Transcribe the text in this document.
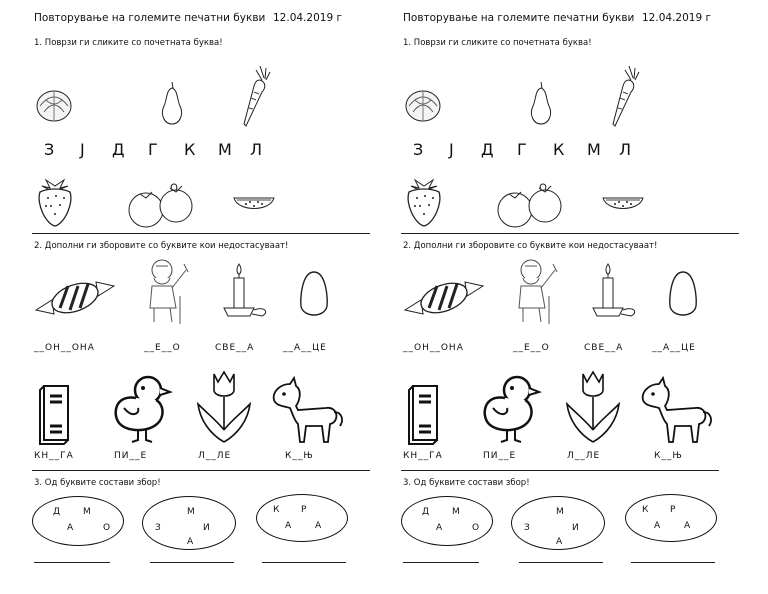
Повторување на големите печатни букви 12.04.2019 г
1. Поврзи ги сликите со почетната буква!
З Ј Д Г К М Л
2. Дополни ги зборовите со буквите кои недостасуваат!
__ОН__ОНА	__Е__О	СВЕ__А	__А__ЦЕ
КН__ГА	ПИ__Е	Л__ЛЕ	К__Њ
3. Од буквите состави збор!
Д	М
А	О
М
З	И
А
К Р
А	А
Повторување на големите печатни букви 12.04.2019 г
1. Поврзи ги сликите со почетната буква!
З Ј Д Г К М Л
2. Дополни ги зборовите со буквите кои недостасуваат!
__ОН__ОНА	__Е__О	СВЕ__А	__А__ЦЕ
КН__ГА	ПИ__Е	Л__ЛЕ	К__Њ
3. Од буквите состави збор!
Д	М
А	О
М
З	И
А
К Р
А	А
